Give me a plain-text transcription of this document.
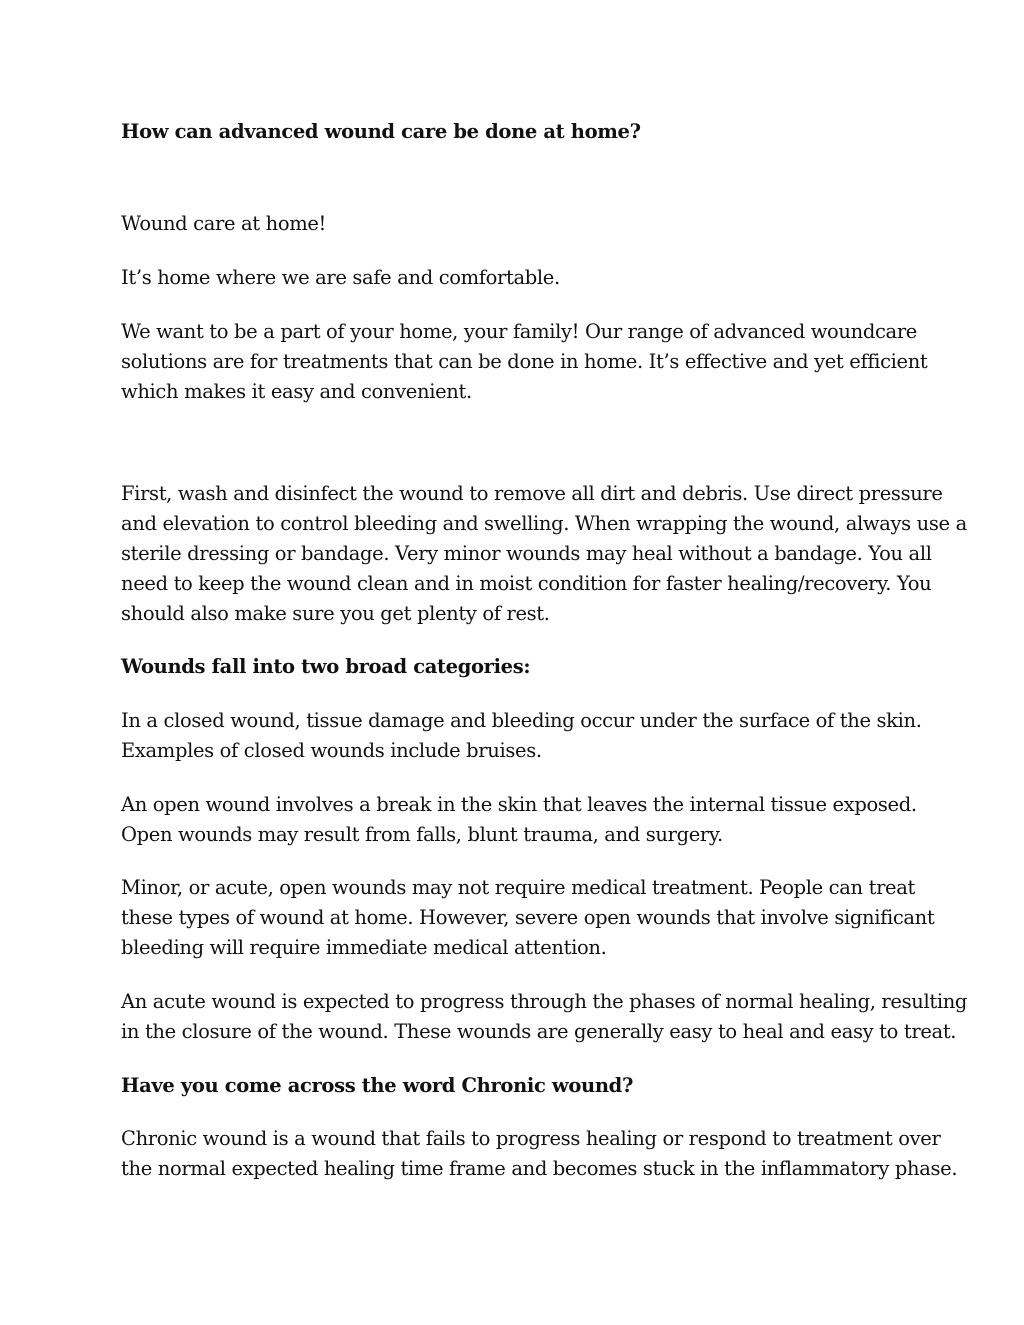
How can advanced wound care be done at home?
Wound care at home!
It’s home where we are safe and comfortable.
We want to be a part of your home, your family! Our range of advanced woundcare
solutions are for treatments that can be done in home. It’s effective and yet efficient
which makes it easy and convenient.
First, wash and disinfect the wound to remove all dirt and debris. Use direct pressure
and elevation to control bleeding and swelling. When wrapping the wound, always use a
sterile dressing or bandage. Very minor wounds may heal without a bandage. You all
need to keep the wound clean and in moist condition for faster healing/recovery. You
should also make sure you get plenty of rest.
Wounds fall into two broad categories:
In a closed wound, tissue damage and bleeding occur under the surface of the skin.
Examples of closed wounds include bruises.
An open wound involves a break in the skin that leaves the internal tissue exposed.
Open wounds may result from falls, blunt trauma, and surgery.
Minor, or acute, open wounds may not require medical treatment. People can treat
these types of wound at home. However, severe open wounds that involve significant
bleeding will require immediate medical attention.
An acute wound is expected to progress through the phases of normal healing, resulting
in the closure of the wound. These wounds are generally easy to heal and easy to treat.
Have you come across the word Chronic wound?
Chronic wound is a wound that fails to progress healing or respond to treatment over
the normal expected healing time frame and becomes stuck in the inflammatory phase.
